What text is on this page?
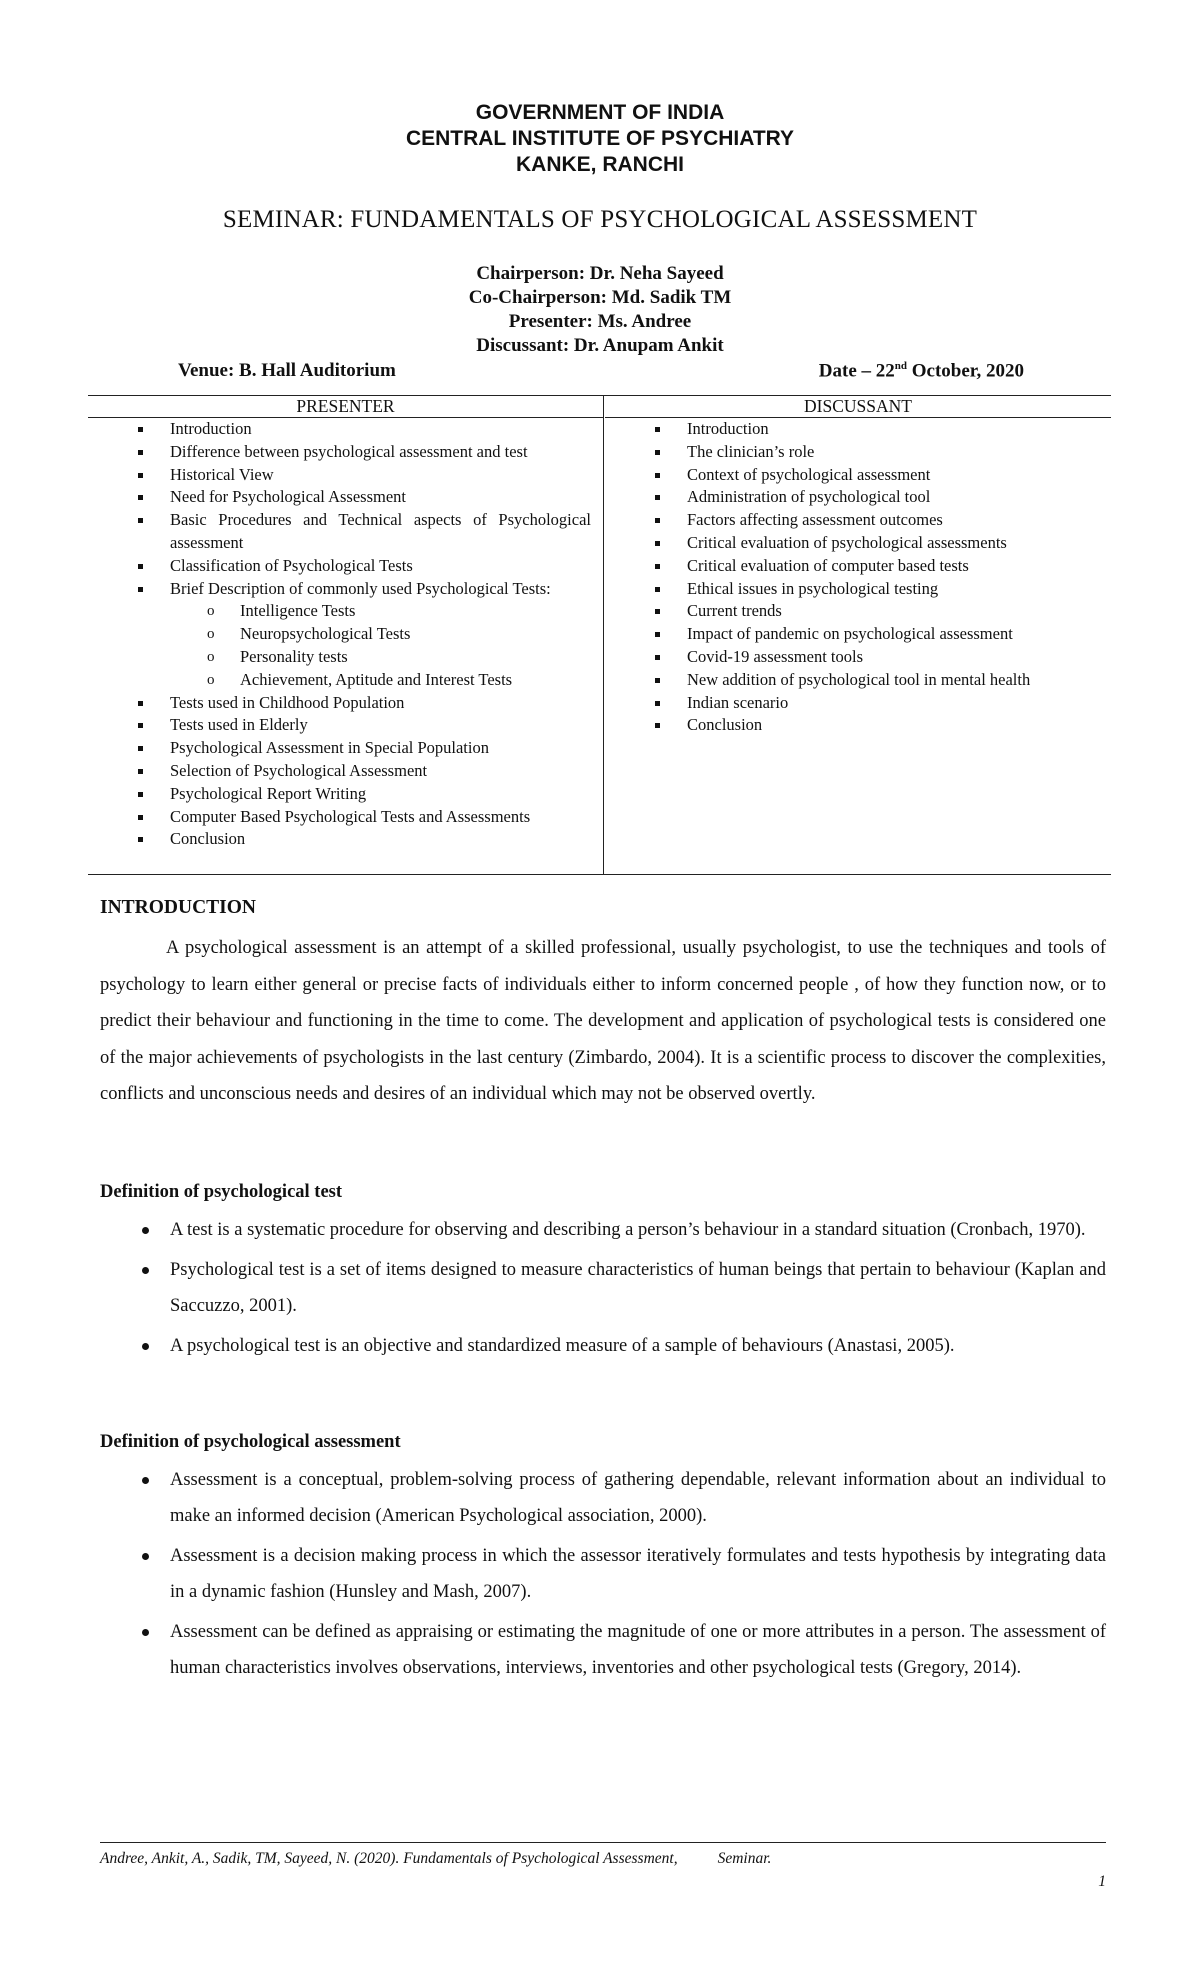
GOVERNMENT OF INDIA
CENTRAL INSTITUTE OF PSYCHIATRY
KANKE, RANCHI
SEMINAR: FUNDAMENTALS OF PSYCHOLOGICAL ASSESSMENT
Chairperson: Dr. Neha Sayeed
Co-Chairperson: Md. Sadik TM
Presenter: Ms. Andree
Discussant: Dr. Anupam Ankit
Venue: B. Hall Auditorium	Date – 22nd October, 2020
PRESENTER
Introduction
Difference between psychological assessment and test
Historical View
Need for Psychological Assessment
Basic Procedures and Technical aspects of Psychological assessment
Classification of Psychological Tests
Brief Description of commonly used Psychological Tests:
o Intelligence Tests
o Neuropsychological Tests
o Personality tests
o Achievement, Aptitude and Interest Tests
Tests used in Childhood Population
Tests used in Elderly
Psychological Assessment in Special Population
Selection of Psychological Assessment
Psychological Report Writing
Computer Based Psychological Tests and Assessments
Conclusion
DISCUSSANT
Introduction
The clinician’s role
Context of psychological assessment
Administration of psychological tool
Factors affecting assessment outcomes
Critical evaluation of psychological assessments
Critical evaluation of computer based tests
Ethical issues in psychological testing
Current trends
Impact of pandemic on psychological assessment
Covid-19 assessment tools
New addition of psychological tool in mental health
Indian scenario
Conclusion
INTRODUCTION
A psychological assessment is an attempt of a skilled professional, usually psychologist, to use the techniques and tools of psychology to learn either general or precise facts of individuals either to inform concerned people , of how they function now, or to predict their behaviour and functioning in the time to come. The development and application of psychological tests is considered one of the major achievements of psychologists in the last century (Zimbardo, 2004). It is a scientific process to discover the complexities, conflicts and unconscious needs and desires of an individual which may not be observed overtly.
Definition of psychological test
A test is a systematic procedure for observing and describing a person’s behaviour in a standard situation (Cronbach, 1970).
Psychological test is a set of items designed to measure characteristics of human beings that pertain to behaviour (Kaplan and Saccuzzo, 2001).
A psychological test is an objective and standardized measure of a sample of behaviours (Anastasi, 2005).
Definition of psychological assessment
Assessment is a conceptual, problem-solving process of gathering dependable, relevant information about an individual to make an informed decision (American Psychological association, 2000).
Assessment is a decision making process in which the assessor iteratively formulates and tests hypothesis by integrating data in a dynamic fashion (Hunsley and Mash, 2007).
Assessment can be defined as appraising or estimating the magnitude of one or more attributes in a person. The assessment of human characteristics involves observations, interviews, inventories and other psychological tests (Gregory, 2014).
Andree, Ankit, A., Sadik, TM, Sayeed, N. (2020). Fundamentals of Psychological Assessment,	Seminar.
1
